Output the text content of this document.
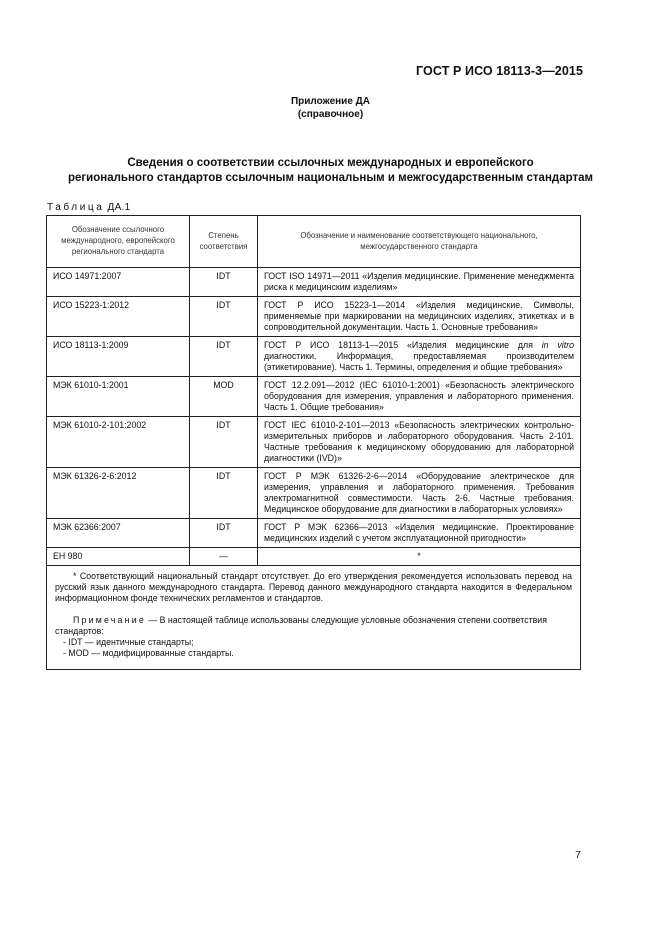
ГОСТ Р ИСО 18113-3—2015
Приложение ДА
(справочное)
Сведения о соответствии ссылочных международных и европейского
регионального стандартов ссылочным национальным и межгосударственным стандартам
Таблица ДА.1
Обозначение ссылочного международного, европейского регионального стандарта	Степень соответствия	Обозначение и наименование соответствующего национального, межгосударственного стандарта
ИСО 14971:2007	IDT	ГОСТ ISO 14971—2011 «Изделия медицинские. Применение менеджмента риска к медицинским изделиям»
ИСО 15223-1:2012	IDT	ГОСТ Р ИСО 15223-1—2014 «Изделия медицинские. Символы, применяемые при маркировании на медицинских изделиях, этикетках и в сопроводительной документации. Часть 1. Основные требования»
ИСО 18113-1:2009	IDT	ГОСТ Р ИСО 18113-1—2015 «Изделия медицинские для in vitro диагностики. Информация, предоставляемая производителем (этикетирование). Часть 1. Термины, определения и общие требования»
МЭК 61010-1:2001	MOD	ГОСТ 12.2.091—2012 (IEC 61010-1:2001) «Безопасность электрического оборудования для измерения, управления и лабораторного применения. Часть 1. Общие требования»
МЭК 61010-2-101:2002	IDT	ГОСТ IEC 61010-2-101—2013 «Безопасность электрических контрольно-измерительных приборов и лабораторного оборудования. Часть 2-101. Частные требования к медицинскому оборудованию для лабораторной диагностики (IVD)»
МЭК 61326-2-6:2012	IDT	ГОСТ Р МЭК 61326-2-6—2014 «Оборудование электрическое для измерения, управления и лабораторного применения. Требования электромагнитной совместимости. Часть 2-6. Частные требования. Медицинское оборудование для диагностики в лабораторных условиях»
МЭК 62366:2007	IDT	ГОСТ Р МЭК 62366—2013 «Изделия медицинские. Проектирование медицинских изделий с учетом эксплуатационной пригодности»
ЕН 980	—	*

* Соответствующий национальный стандарт отсутствует. До его утверждения рекомендуется использовать перевод на русский язык данного международного стандарта. Перевод данного международного стандарта находится в Федеральном информационном фонде технических регламентов и стандартов.

Примечание — В настоящей таблице использованы следующие условные обозначения степени соответствия стандартов:

- IDT — идентичные стандарты;

- MOD — модифицированные стандарты.		

7
